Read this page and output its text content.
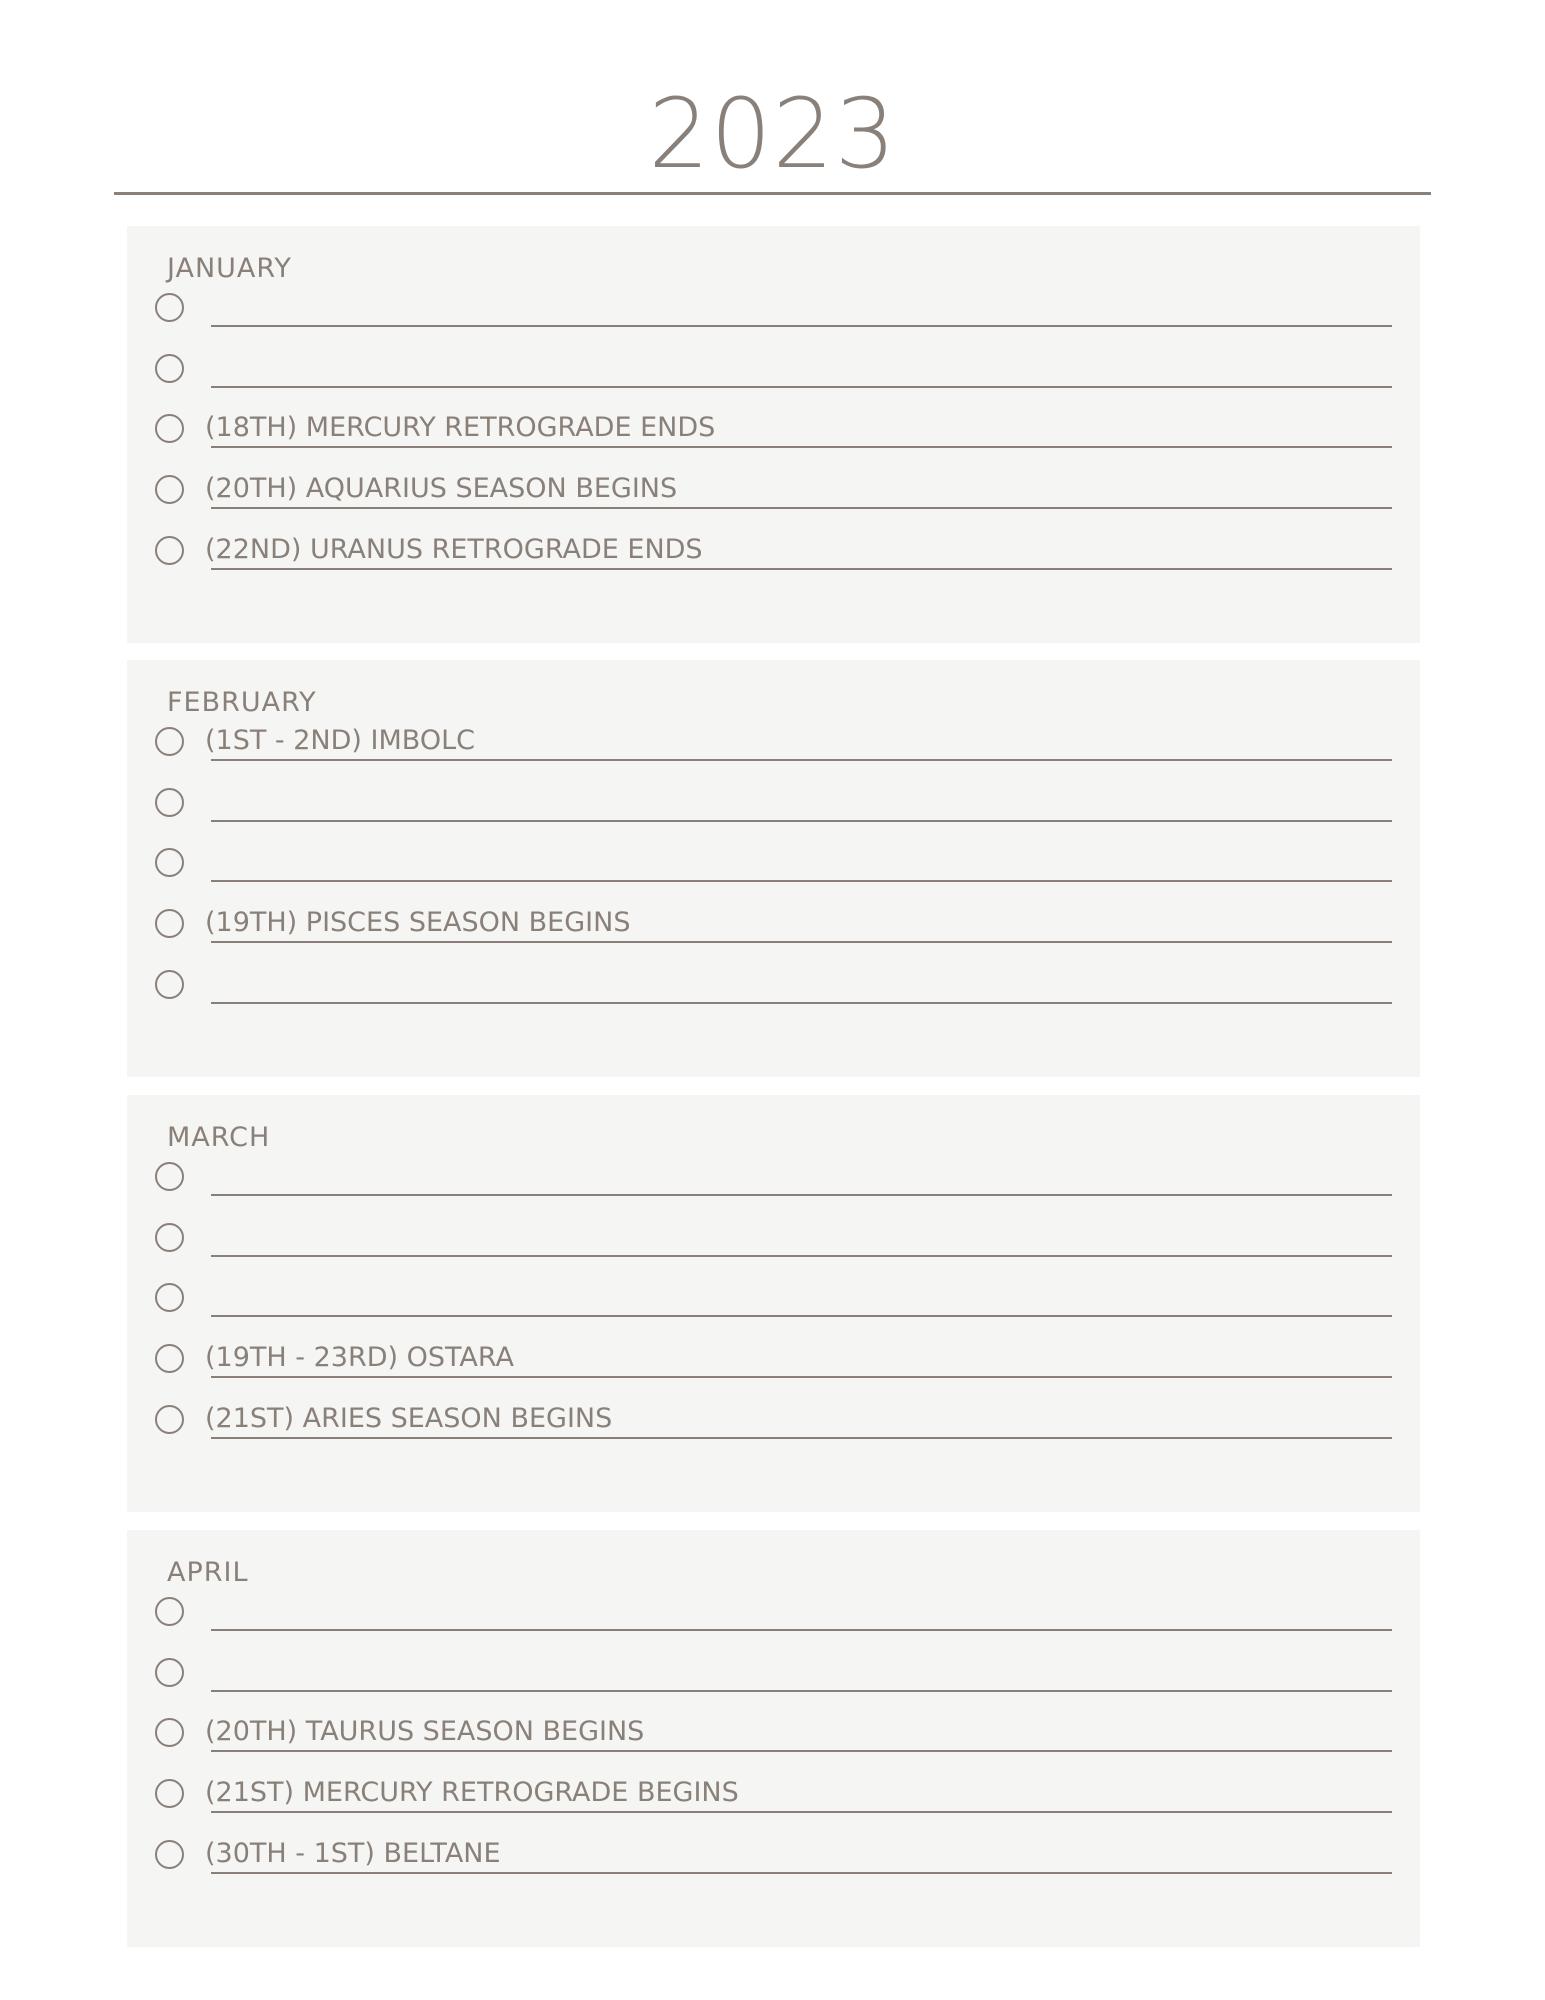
2023
JANUARY
(18TH) MERCURY RETROGRADE ENDS
(20TH) AQUARIUS SEASON BEGINS
(22ND) URANUS RETROGRADE ENDS
FEBRUARY
(1ST - 2ND) IMBOLC
(19TH) PISCES SEASON BEGINS
MARCH
(19TH - 23RD) OSTARA
(21ST) ARIES SEASON BEGINS
APRIL
(20TH) TAURUS SEASON BEGINS
(21ST) MERCURY RETROGRADE BEGINS
(30TH - 1ST) BELTANE
